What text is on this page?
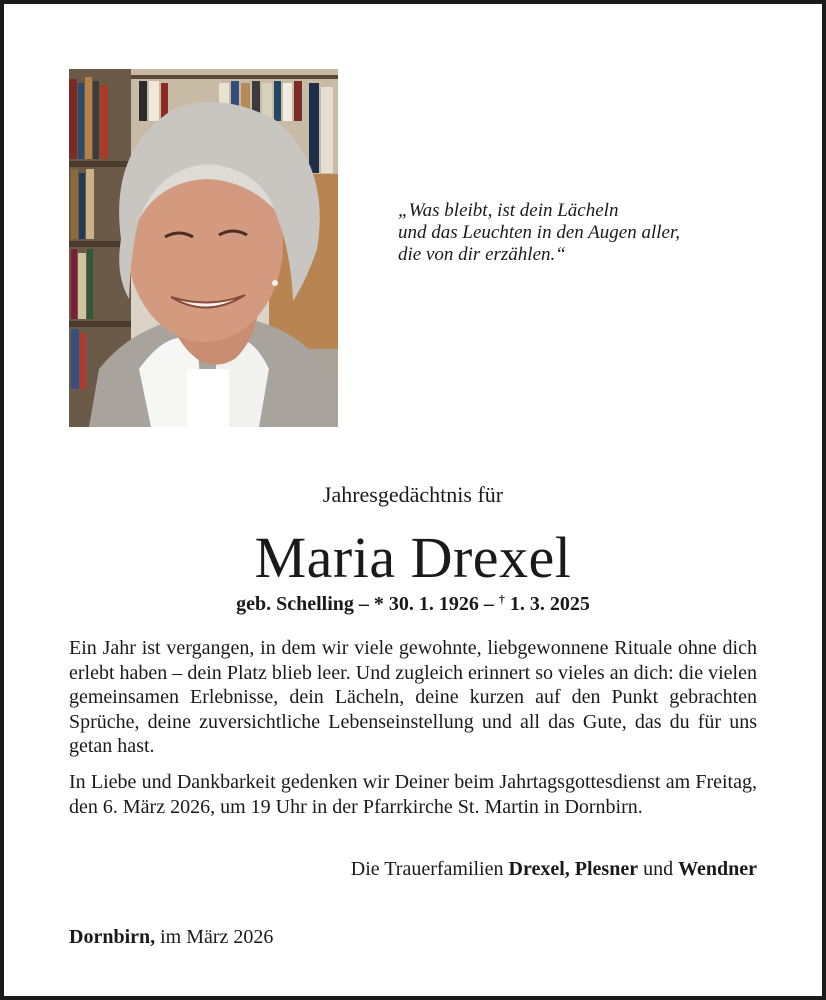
„Was bleibt, ist dein Lächeln
und das Leuchten in den Augen aller,
die von dir erzählen.“
Jahresgedächtnis für
Maria Drexel
geb. Schelling – * 30. 1. 1926 – † 1. 3. 2025
Ein Jahr ist vergangen, in dem wir viele gewohnte, liebgewonnene Rituale ohne dich erlebt haben – dein Platz blieb leer. Und zugleich erinnert so vieles an dich: die vielen gemeinsamen Erlebnisse, dein Lächeln, deine kurzen auf den Punkt gebrachten Sprüche, deine zuversichtliche Lebenseinstellung und all das Gute, das du für uns getan hast.
In Liebe und Dankbarkeit gedenken wir Deiner beim Jahrtagsgottesdienst am Freitag, den 6. März 2026, um 19 Uhr in der Pfarrkirche St. Martin in Dornbirn.
Die Trauerfamilien Drexel, Plesner und Wendner
Dornbirn, im März 2026
